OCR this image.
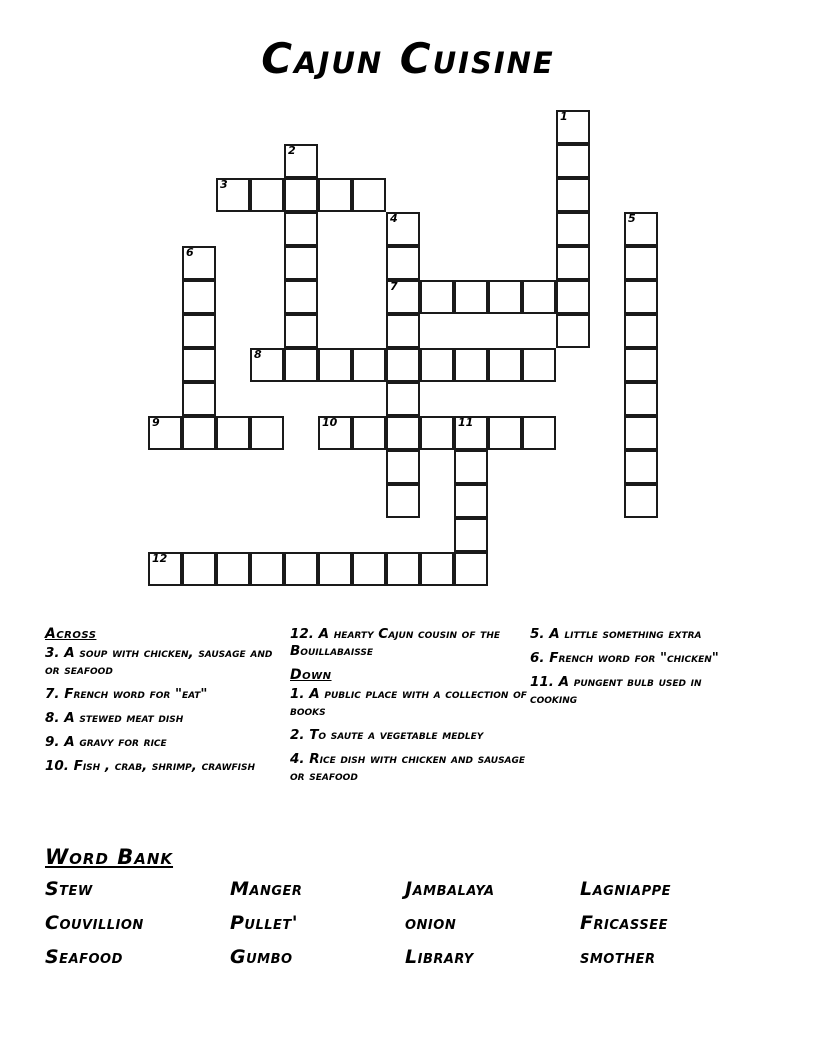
Cajun Cuisine
1
2
3
4
7
5
6
8
9	10	11
12
Across
3. A soup with chicken, sausage and or seafood
7. French word for "eat"
8. A stewed meat dish
9. A gravy for rice
10. Fish , crab, shrimp, crawfish
12. A hearty Cajun cousin of the Bouillabaisse
Down
1. A public place with a collection of books
2. To saute a vegetable medley
4. Rice dish with chicken and sausage or seafood
5. A little something extra
6. French word for "chicken"
11. A pungent bulb used in cooking
Word Bank
Stew	Manger	Jambalaya	Lagniappe
Couvillion	Pullet'	onion	Fricassee
Seafood	Gumbo	Library	smother
